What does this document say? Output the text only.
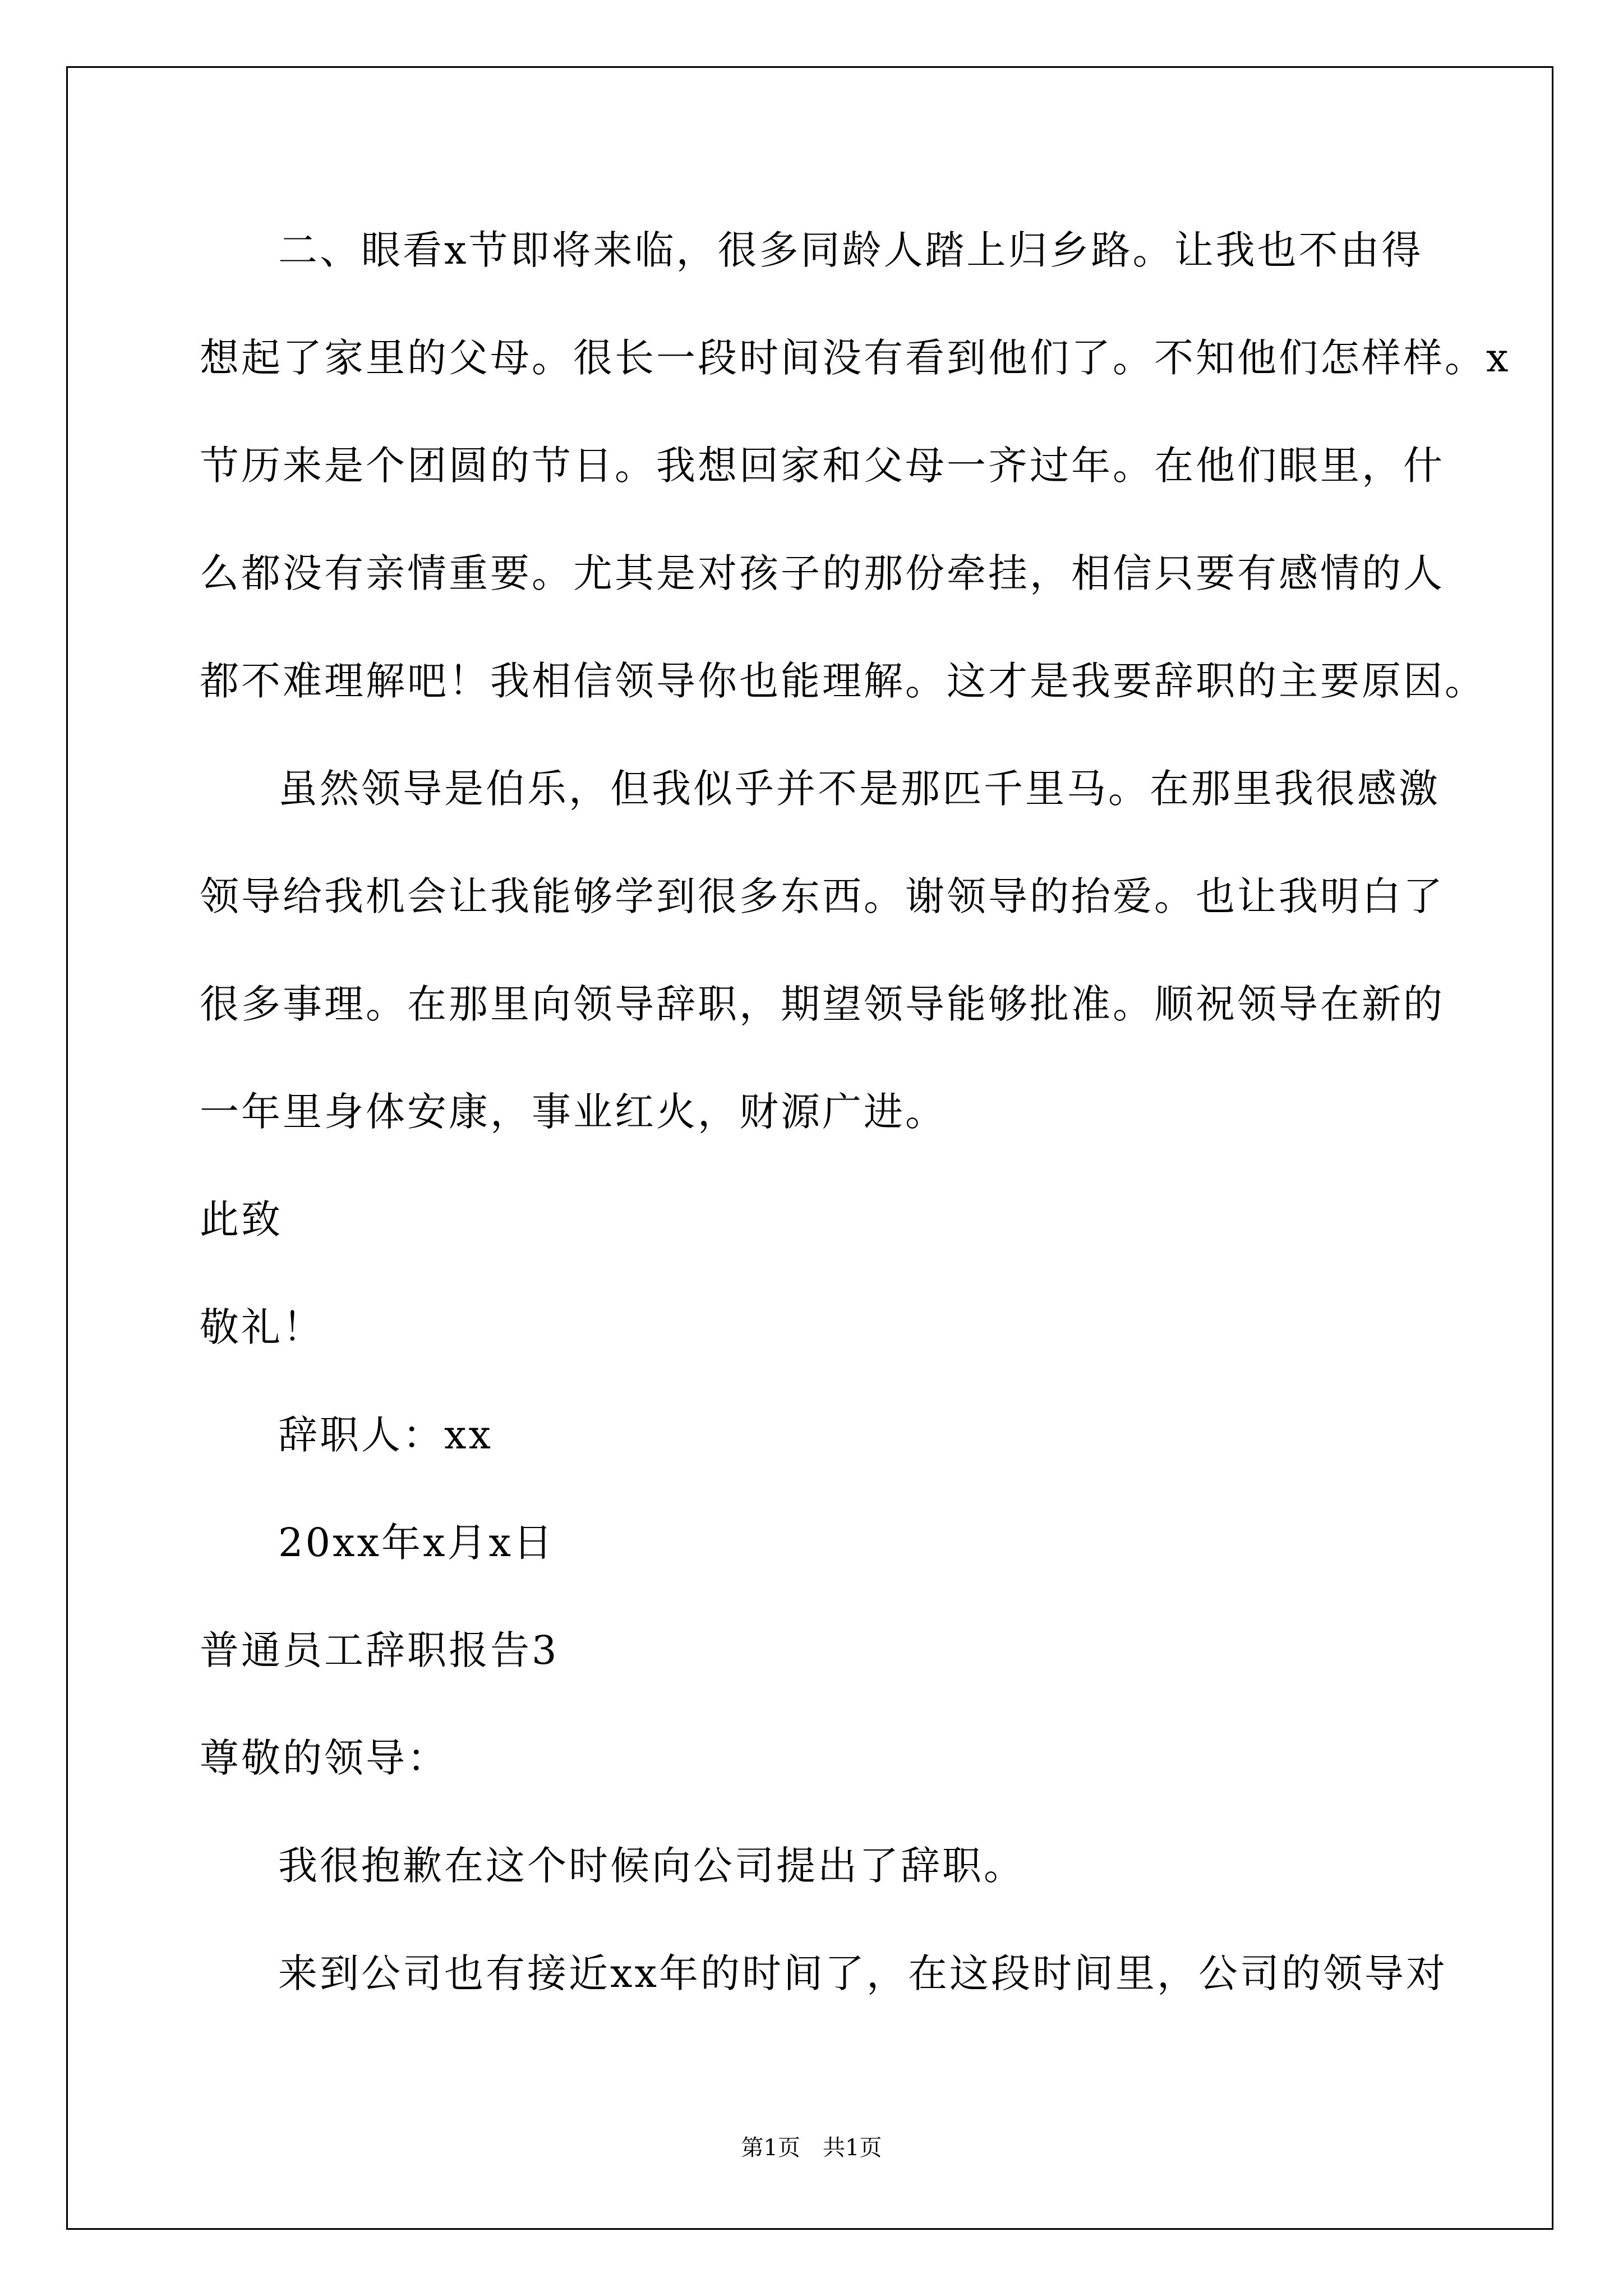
二、眼看x节即将来临，很多同龄人踏上归乡路。让我也不由得
想起了家里的父母。很长一段时间没有看到他们了。不知他们怎样样。x
节历来是个团圆的节日。我想回家和父母一齐过年。在他们眼里，什
么都没有亲情重要。尤其是对孩子的那份牵挂，相信只要有感情的人
都不难理解吧！我相信领导你也能理解。这才是我要辞职的主要原因。
虽然领导是伯乐，但我似乎并不是那匹千里马。在那里我很感激
领导给我机会让我能够学到很多东西。谢领导的抬爱。也让我明白了
很多事理。在那里向领导辞职，期望领导能够批准。顺祝领导在新的
一年里身体安康，事业红火，财源广进。
此致
敬礼！
辞职人：xx
20xx年x月x日
普通员工辞职报告3
尊敬的领导：
我很抱歉在这个时候向公司提出了辞职。
来到公司也有接近xx年的时间了，在这段时间里，公司的领导对
第1页 共1页
